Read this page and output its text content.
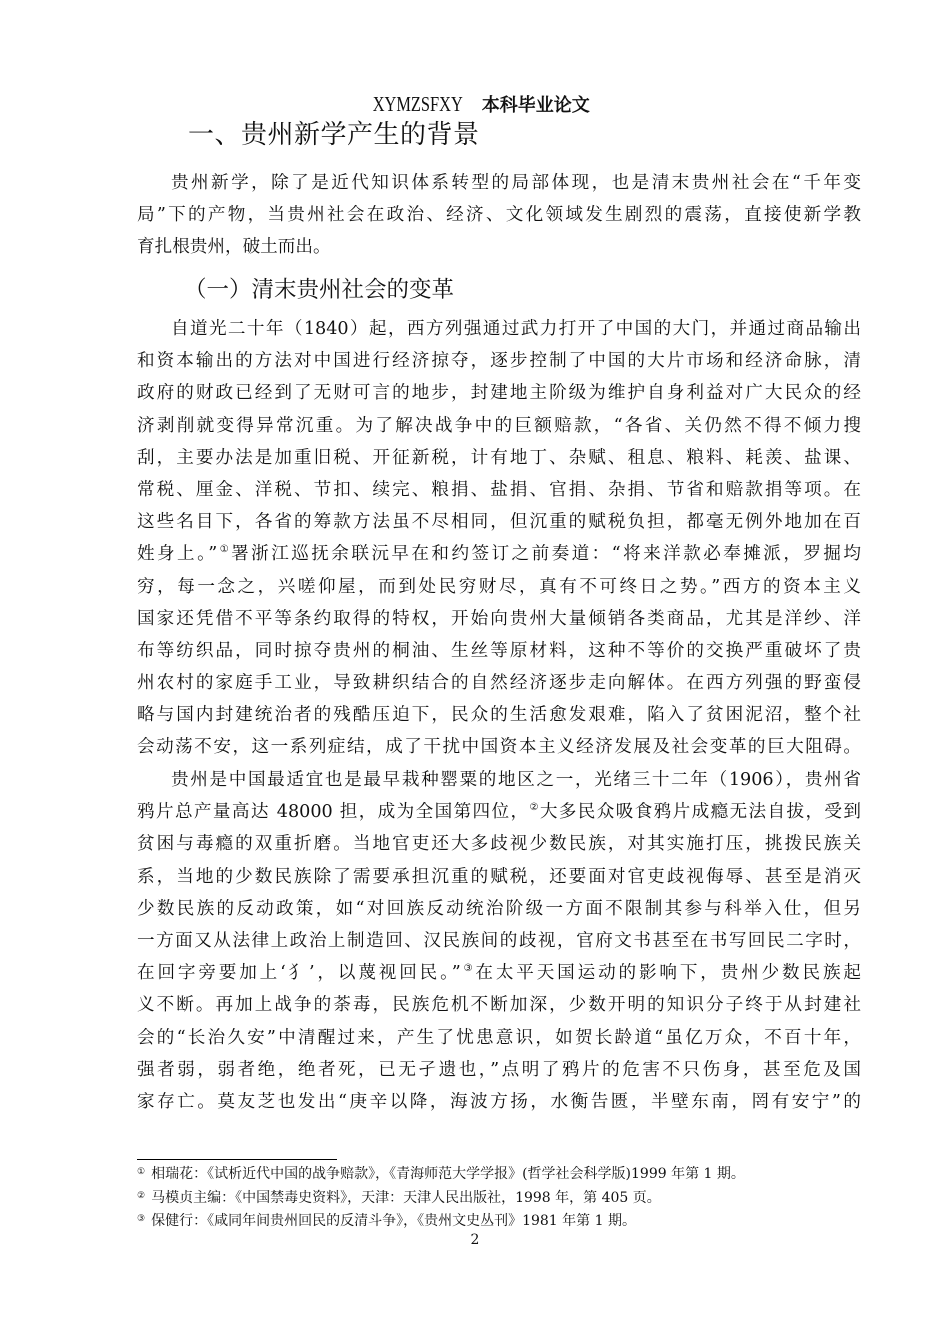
XYMZSFXY 本科毕业论文
一、贵州新学产生的背景
贵州新学，除了是近代知识体系转型的局部体现，也是清末贵州社会在“千年变
局”下的产物，当贵州社会在政治、经济、文化领域发生剧烈的震荡，直接使新学教
育扎根贵州，破土而出。
（一）清末贵州社会的变革
自道光二十年（1840）起，西方列强通过武力打开了中国的大门，并通过商品输出
和资本输出的方法对中国进行经济掠夺，逐步控制了中国的大片市场和经济命脉，清
政府的财政已经到了无财可言的地步，封建地主阶级为维护自身利益对广大民众的经
济剥削就变得异常沉重。为了解决战争中的巨额赔款，“各省、关仍然不得不倾力搜
刮，主要办法是加重旧税、开征新税，计有地丁、杂赋、租息、粮料、耗羡、盐课、
常税、厘金、洋税、节扣、续完、粮捐、盐捐、官捐、杂捐、节省和赔款捐等项。在
这些名目下，各省的筹款方法虽不尽相同，但沉重的赋税负担，都毫无例外地加在百
姓身上。”①署浙江巡抚余联沅早在和约签订之前奏道：“将来洋款必奉摊派，罗掘均
穷，每一念之，兴嗟仰屋，而到处民穷财尽，真有不可终日之势。”西方的资本主义
国家还凭借不平等条约取得的特权，开始向贵州大量倾销各类商品，尤其是洋纱、洋
布等纺织品，同时掠夺贵州的桐油、生丝等原材料，这种不等价的交换严重破坏了贵
州农村的家庭手工业，导致耕织结合的自然经济逐步走向解体。在西方列强的野蛮侵
略与国内封建统治者的残酷压迫下，民众的生活愈发艰难，陷入了贫困泥沼，整个社
会动荡不安，这一系列症结，成了干扰中国资本主义经济发展及社会变革的巨大阻碍。
贵州是中国最适宜也是最早栽种罂粟的地区之一，光绪三十二年（1906），贵州省
鸦片总产量高达 48000 担，成为全国第四位，②大多民众吸食鸦片成瘾无法自拔，受到
贫困与毒瘾的双重折磨。当地官吏还大多歧视少数民族，对其实施打压，挑拨民族关
系，当地的少数民族除了需要承担沉重的赋税，还要面对官吏歧视侮辱、甚至是消灭
少数民族的反动政策，如“对回族反动统治阶级一方面不限制其参与科举入仕，但另
一方面又从法律上政治上制造回、汉民族间的歧视，官府文书甚至在书写回民二字时，
在回字旁要加上‘犭’，以蔑视回民。”③在太平天国运动的影响下，贵州少数民族起
义不断。再加上战争的荼毒，民族危机不断加深，少数开明的知识分子终于从封建社
会的“长治久安”中清醒过来，产生了忧患意识，如贺长龄道“虽亿万众，不百十年，
强者弱，弱者绝，绝者死，已无孑遗也，”点明了鸦片的危害不只伤身，甚至危及国
家存亡。莫友芝也发出“庚辛以降，海波方扬，水衡告匮，半壁东南，罔有安宁”的
① 相瑞花：《试析近代中国的战争赔款》，《青海师范大学学报》(哲学社会科学版)1999 年第 1 期。
② 马模贞主编：《中国禁毒史资料》，天津：天津人民出版社，1998 年，第 405 页。
③ 保健行：《咸同年间贵州回民的反清斗争》，《贵州文史丛刊》1981 年第 1 期。
2
